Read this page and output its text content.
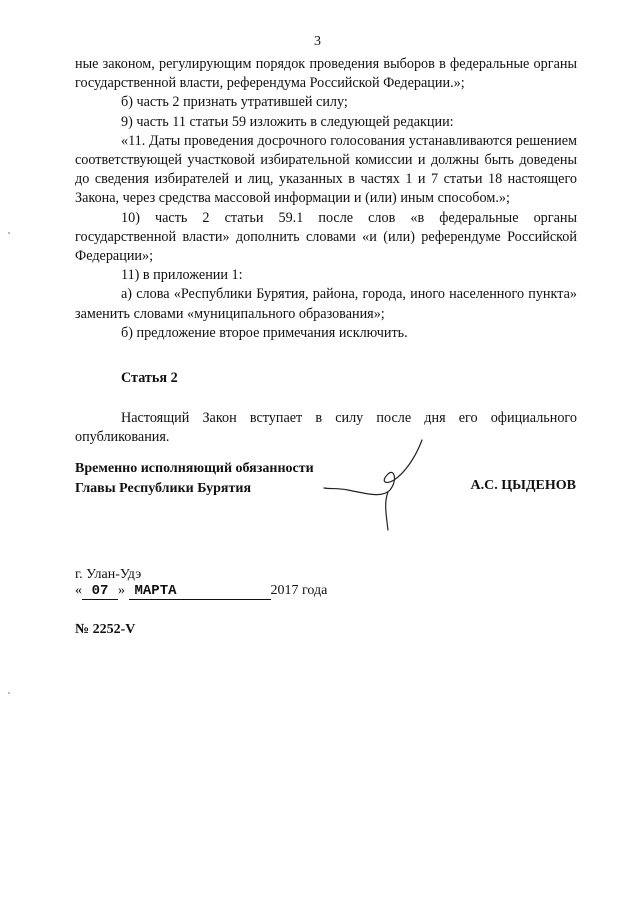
3

ные законом, регулирующим порядок проведения выборов в федеральные органы государственной власти, референдума Российской Федерации.»;

б) часть 2 признать утратившей силу;

9) часть 11 статьи 59 изложить в следующей редакции:

«11. Даты проведения досрочного голосования устанавливаются решением соответствующей участковой избирательной комиссии и должны быть доведены до сведения избирателей и лиц, указанных в частях 1 и 7 статьи 18 настоящего Закона, через средства массовой информации и (или) иным способом.»;

10) часть 2 статьи 59.1 после слов «в федеральные органы государственной власти» дополнить словами «и (или) референдуме Российской Федерации»;

11) в приложении 1:

а) слова «Республики Бурятия, района, города, иного населенного пункта» заменить словами «муниципального образования»;

б) предложение второе примечания исключить.

Статья 2

Настоящий Закон вступает в силу после дня его официального опубликования.

Временно исполняющий обязанности
Главы Республики Бурятия	А.С. ЦЫДЕНОВ
г. Улан-Удэ
« 07 » МАРТА	2017 года
№ 2252-V
